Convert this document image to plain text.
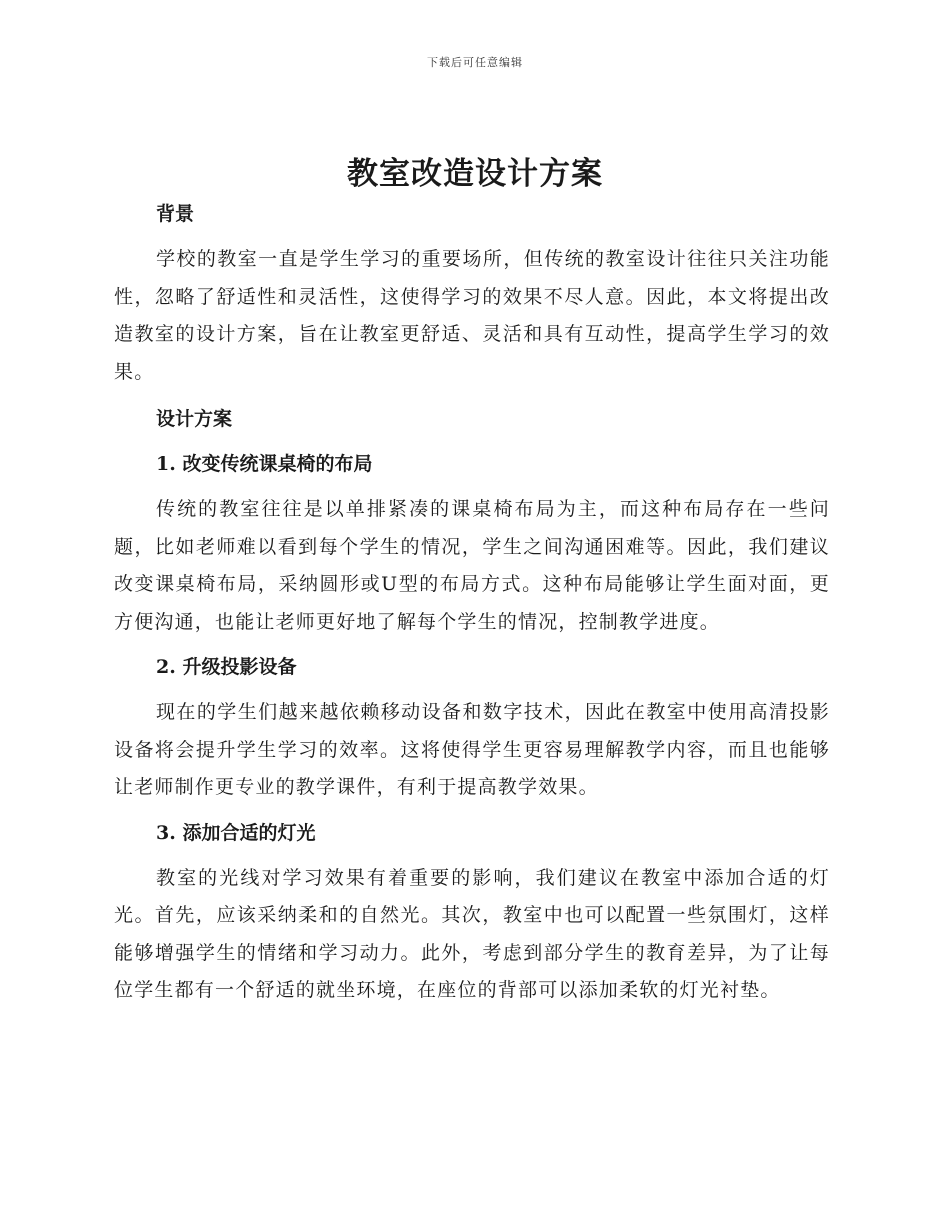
下载后可任意编辑
教室改造设计方案

背景

学校的教室一直是学生学习的重要场所，但传统的教室设计往往只关注功能性，忽略了舒适性和灵活性，这使得学习的效果不尽人意。因此，本文将提出改造教室的设计方案，旨在让教室更舒适、灵活和具有互动性，提高学生学习的效果。

设计方案

1. 改变传统课桌椅的布局

传统的教室往往是以单排紧凑的课桌椅布局为主，而这种布局存在一些问题，比如老师难以看到每个学生的情况，学生之间沟通困难等。因此，我们建议改变课桌椅布局，采纳圆形或U型的布局方式。这种布局能够让学生面对面，更方便沟通，也能让老师更好地了解每个学生的情况，控制教学进度。

2. 升级投影设备

现在的学生们越来越依赖移动设备和数字技术，因此在教室中使用高清投影设备将会提升学生学习的效率。这将使得学生更容易理解教学内容，而且也能够让老师制作更专业的教学课件，有利于提高教学效果。

3. 添加合适的灯光

教室的光线对学习效果有着重要的影响，我们建议在教室中添加合适的灯光。首先，应该采纳柔和的自然光。其次，教室中也可以配置一些氛围灯，这样能够增强学生的情绪和学习动力。此外，考虑到部分学生的教育差异，为了让每位学生都有一个舒适的就坐环境，在座位的背部可以添加柔软的灯光衬垫。
